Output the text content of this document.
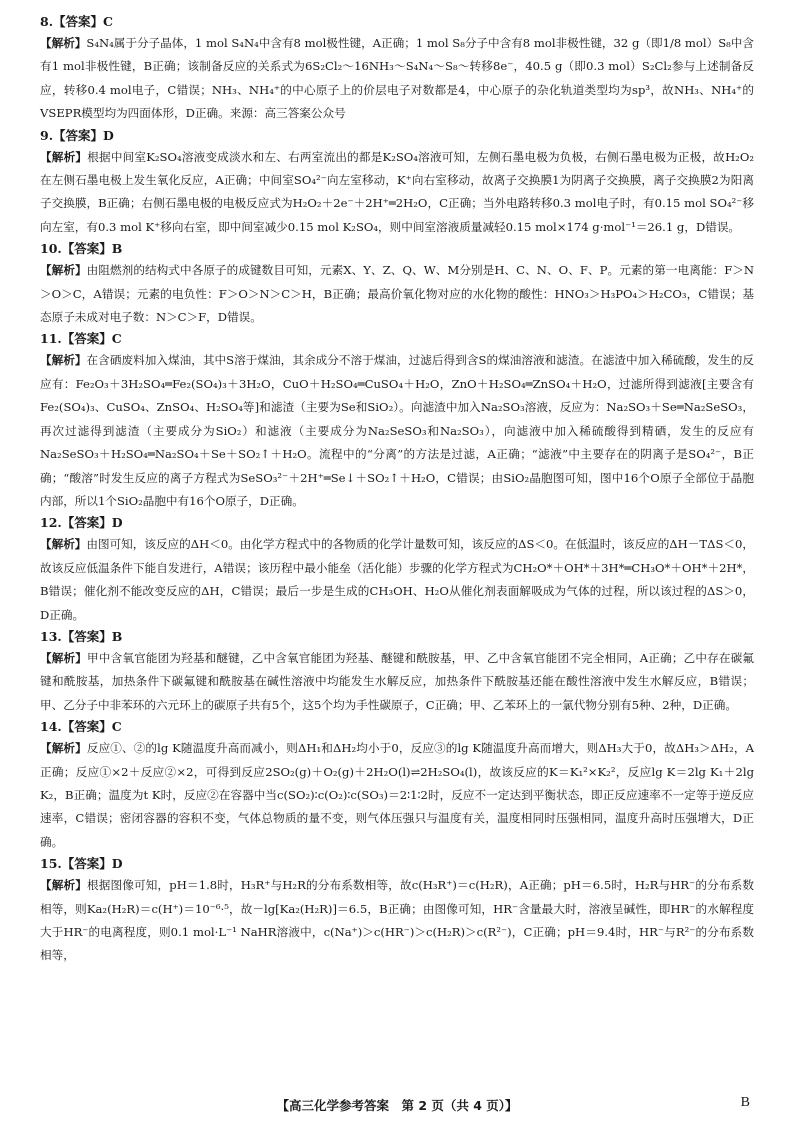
8.【答案】C

【解析】S₄N₄属于分子晶体，1 mol S₄N₄中含有8 mol极性键，A正确；1 mol S₈分子中含有8 mol非极性键，32 g（即1/8 mol）S₈中含有1 mol非极性键，B正确；该制备反应的关系式为6S₂Cl₂～16NH₃～S₄N₄～S₈～转移8e⁻，40.5 g（即0.3 mol）S₂Cl₂参与上述制备反应，转移0.4 mol电子，C错误；NH₃、NH₄⁺的中心原子上的价层电子对数都是4，中心原子的杂化轨道类型均为sp³，故NH₃、NH₄⁺的VSEPR模型均为四面体形，D正确。来源：高三答案公众号

9.【答案】D

【解析】根据中间室K₂SO₄溶液变成淡水和左、右两室流出的都是K₂SO₄溶液可知，左侧石墨电极为负极，右侧石墨电极为正极，故H₂O₂在左侧石墨电极上发生氧化反应，A正确；中间室SO₄²⁻向左室移动，K⁺向右室移动，故离子交换膜1为阴离子交换膜，离子交换膜2为阳离子交换膜，B正确；右侧石墨电极的电极反应式为H₂O₂＋2e⁻＋2H⁺═2H₂O，C正确；当外电路转移0.3 mol电子时，有0.15 mol SO₄²⁻移向左室，有0.3 mol K⁺移向右室，即中间室减少0.15 mol K₂SO₄，则中间室溶液质量减轻0.15 mol×174 g·mol⁻¹＝26.1 g，D错误。

10.【答案】B

【解析】由阻燃剂的结构式中各原子的成键数目可知，元素X、Y、Z、Q、W、M分别是H、C、N、O、F、P。元素的第一电离能：F＞N＞O＞C，A错误；元素的电负性：F＞O＞N＞C＞H，B正确；最高价氧化物对应的水化物的酸性：HNO₃＞H₃PO₄＞H₂CO₃，C错误；基态原子未成对电子数：N＞C＞F，D错误。

11.【答案】C

【解析】在含硒废料加入煤油，其中S溶于煤油，其余成分不溶于煤油，过滤后得到含S的煤油溶液和滤渣。在滤渣中加入稀硫酸，发生的反应有：Fe₂O₃＋3H₂SO₄═Fe₂(SO₄)₃＋3H₂O，CuO＋H₂SO₄═CuSO₄＋H₂O，ZnO＋H₂SO₄═ZnSO₄＋H₂O，过滤所得到滤液[主要含有Fe₂(SO₄)₃、CuSO₄、ZnSO₄、H₂SO₄等]和滤渣（主要为Se和SiO₂）。向滤渣中加入Na₂SO₃溶液，反应为：Na₂SO₃＋Se═Na₂SeSO₃，再次过滤得到滤渣（主要成分为SiO₂）和滤液（主要成分为Na₂SeSO₃和Na₂SO₃），向滤液中加入稀硫酸得到精硒，发生的反应有Na₂SeSO₃＋H₂SO₄═Na₂SO₄＋Se＋SO₂↑＋H₂O。流程中的“分离”的方法是过滤，A正确；“滤液”中主要存在的阴离子是SO₄²⁻，B正确；“酸溶”时发生反应的离子方程式为SeSO₃²⁻＋2H⁺═Se↓＋SO₂↑＋H₂O，C错误；由SiO₂晶胞图可知，图中16个O原子全部位于晶胞内部，所以1个SiO₂晶胞中有16个O原子，D正确。

12.【答案】D

【解析】由图可知，该反应的ΔH＜0。由化学方程式中的各物质的化学计量数可知，该反应的ΔS＜0。在低温时，该反应的ΔH－TΔS＜0，故该反应低温条件下能自发进行，A错误；该历程中最小能垒（活化能）步骤的化学方程式为CH₂O*＋OH*＋3H*═CH₃O*＋OH*＋2H*，B错误；催化剂不能改变反应的ΔH，C错误；最后一步是生成的CH₃OH、H₂O从催化剂表面解吸成为气体的过程，所以该过程的ΔS＞0，D正确。

13.【答案】B

【解析】甲中含氧官能团为羟基和醚键，乙中含氧官能团为羟基、醚键和酰胺基，甲、乙中含氧官能团不完全相同，A正确；乙中存在碳氟键和酰胺基，加热条件下碳氟键和酰胺基在碱性溶液中均能发生水解反应，加热条件下酰胺基还能在酸性溶液中发生水解反应，B错误；甲、乙分子中非苯环的六元环上的碳原子共有5个，这5个均为手性碳原子，C正确；甲、乙苯环上的一氯代物分别有5种、2种，D正确。

14.【答案】C

【解析】反应①、②的lg K随温度升高而减小，则ΔH₁和ΔH₂均小于0，反应③的lg K随温度升高而增大，则ΔH₃大于0，故ΔH₃＞ΔH₂，A正确；反应①×2＋反应②×2，可得到反应2SO₂(g)＋O₂(g)＋2H₂O(l)⇌2H₂SO₄(l)，故该反应的K＝K₁²×K₂²，反应lg K＝2lg K₁＋2lg K₂，B正确；温度为t K时，反应②在容器中当c(SO₂)∶c(O₂)∶c(SO₃)＝2∶1∶2时，反应不一定达到平衡状态，即正反应速率不一定等于逆反应速率，C错误；密闭容器的容积不变，气体总物质的量不变，则气体压强只与温度有关，温度相同时压强相同，温度升高时压强增大，D正确。

15.【答案】D

【解析】根据图像可知，pH＝1.8时，H₃R⁺与H₂R的分布系数相等，故c(H₃R⁺)＝c(H₂R)，A正确；pH＝6.5时，H₂R与HR⁻的分布系数相等，则Ka₂(H₂R)＝c(H⁺)＝10⁻⁶·⁵，故－lg[Ka₂(H₂R)]＝6.5，B正确；由图像可知，HR⁻含量最大时，溶液呈碱性，即HR⁻的水解程度大于HR⁻的电离程度，则0.1 mol·L⁻¹ NaHR溶液中，c(Na⁺)＞c(HR⁻)＞c(H₂R)＞c(R²⁻)，C正确；pH＝9.4时，HR⁻与R²⁻的分布系数相等，

【高三化学参考答案　第 2 页（共 4 页）】	B
